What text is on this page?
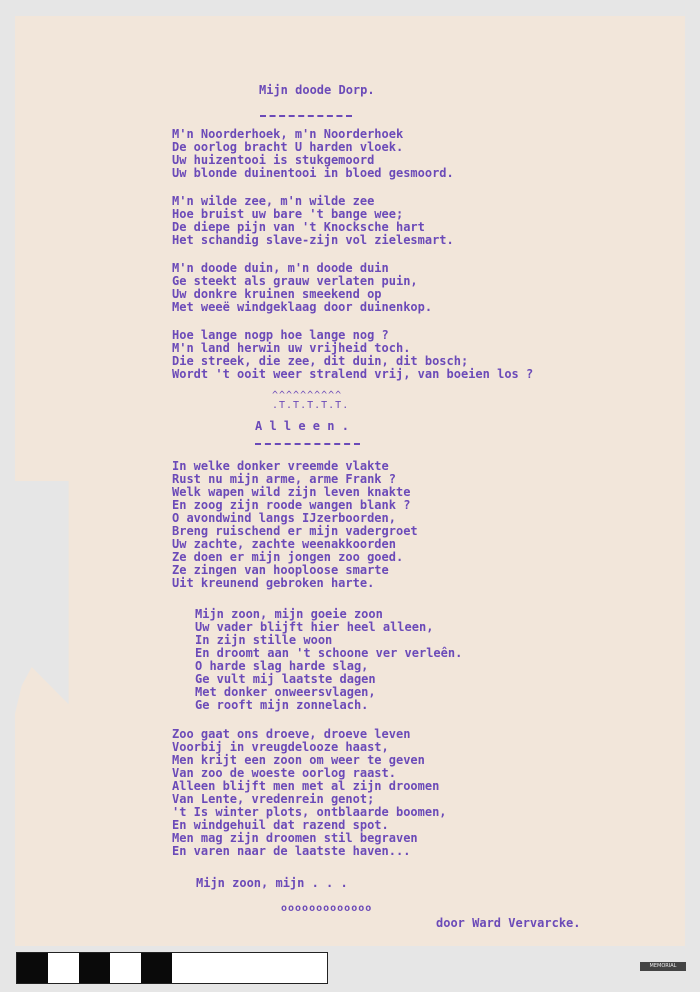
Mijn doode Dorp.
M'n Noorderhoek, m'n Noorderhoek
De oorlog bracht U harden vloek.
Uw huizentooi is stukgemoord
Uw blonde duinentooi in bloed gesmoord.
M'n wilde zee, m'n wilde zee
Hoe bruist uw bare 't bange wee;
De diepe pijn van 't Knocksche hart
Het schandig slave-zijn vol zielesmart.
M'n doode duin, m'n doode duin
Ge steekt als grauw verlaten puin,
Uw donkre kruinen smeekend op
Met weeë windgeklaag door duinenkop.
Hoe lange nogp hoe lange nog ?
M'n land herwin uw vrijheid toch.
Die streek, die zee, dit duin, dit bosch;
Wordt 't ooit weer stralend vrij, van boeien los ?
^^^^^^^^^^
.T.T.T.T.T.
A l l e e n .
In welke donker vreemde vlakte
Rust nu mijn arme, arme Frank ?
Welk wapen wild zijn leven knakte
En zoog zijn roode wangen blank ?
O avondwind langs IJzerboorden,
Breng ruischend er mijn vadergroet
Uw zachte, zachte weenakkoorden
Ze doen er mijn jongen zoo goed.
Ze zingen van hooploose smarte
Uit kreunend gebroken harte.
Mijn zoon, mijn goeie zoon
Uw vader blijft hier heel alleen,
In zijn stille woon
En droomt aan 't schoone ver verleên.
O harde slag harde slag,
Ge vult mij laatste dagen
Met donker onweersvlagen,
Ge rooft mijn zonnelach.
Zoo gaat ons droeve, droeve leven
Voorbij in vreugdelooze haast,
Men krijt een zoon om weer te geven
Van zoo de woeste oorlog raast.
Alleen blijft men met al zijn droomen
Van Lente, vredenrein genot;
't Is winter plots, ontblaarde boomen,
En windgehuil dat razend spot.
Men mag zijn droomen stil begraven
En varen naar de laatste haven...
Mijn zoon, mijn . . .
ooooooooooooo
door Ward Vervarcke.
MEMORIAL
